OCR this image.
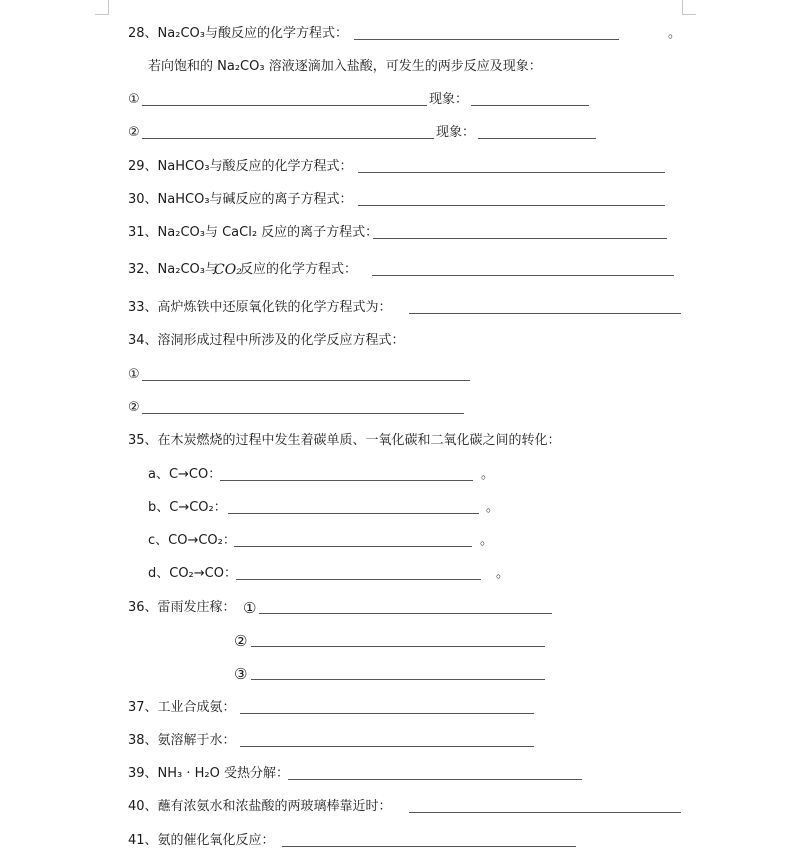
28、Na₂CO₃与酸反应的化学方程式：	。
若向饱和的 Na₂CO₃ 溶液逐滴加入盐酸，可发生的两步反应及现象：
①	现象：
②	现象：
29、NaHCO₃与酸反应的化学方程式：
30、NaHCO₃与碱反应的离子方程式：
31、Na₂CO₃与 CaCl₂ 反应的离子方程式：
32、Na₂CO₃与
CO₂
反应的化学方程式：
33、高炉炼铁中还原氧化铁的化学方程式为：
34、溶洞形成过程中所涉及的化学反应方程式：
①
②
35、在木炭燃烧的过程中发生着碳单质、一氧化碳和二氧化碳之间的转化：
a、C→CO：	。
b、C→CO₂：	。
c、CO→CO₂：	。
d、CO₂→CO：	。
36、雷雨发庄稼： ①
②
③
37、工业合成氨：
38、氨溶解于水：
39、NH₃ · H₂O 受热分解：
40、蘸有浓氨水和浓盐酸的两玻璃棒靠近时：
41、氨的催化氧化反应：
